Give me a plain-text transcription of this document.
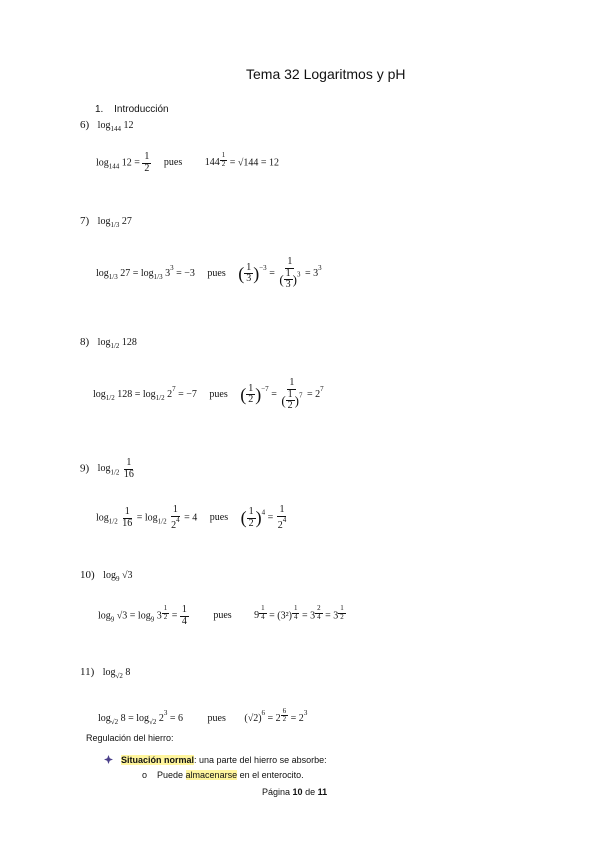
Tema 32 Logaritmos y pH
1. Introducción
6) $\log_{144} 12$
$\log_{144} 12 = \frac{1}{2}$ pues $144 \frac{1}{2} = √144 = 12$
7) $\log_{1/3} 27$
$\log_{1/3} 27 = \log_{1/3} 3^3 = -3$ pues ( $\frac{1}{3} )^{-3} = \frac{1}{( \frac{1}{3} )^3} = 3^3$
8) $\log_{1/2} 128$
$\log_{1/2} 128 = \log_{1/2} 2^7 = -7$ pues ( $\frac{1}{2} )^{-7} = \frac{1}{( \frac{1}{2} )^7} = 2^7$
9) $\log_{1/2} \frac{1}{16}$
$\log_{1/2} \frac{1}{16} = \log_{1/2} \frac{1}{2^4} = 4$ pues ( $\frac{1}{2} )^4 = \frac{1}{2^4}$
10) $\log_9 √3$
$\log_9 √3 = \log_9 3 \frac{1}{2} = \frac{1}{4}$ pues $9 \frac{1}{4} = (3^2) \frac{1}{4} = 3 \frac{2}{4} = 3 \frac{1}{2}$
11) $\log_{√2} 8$
$\log_{√2} 8 = \log_{√2} 2^3 = 6$ pues $(√2)^6 = 2 \frac{6}{2} = 2^3$
Regulación del hierro:
Situación normal: una parte del hierro se absorbe:
o Puede almacenarse en el enterocito.
Página 10 de 11
